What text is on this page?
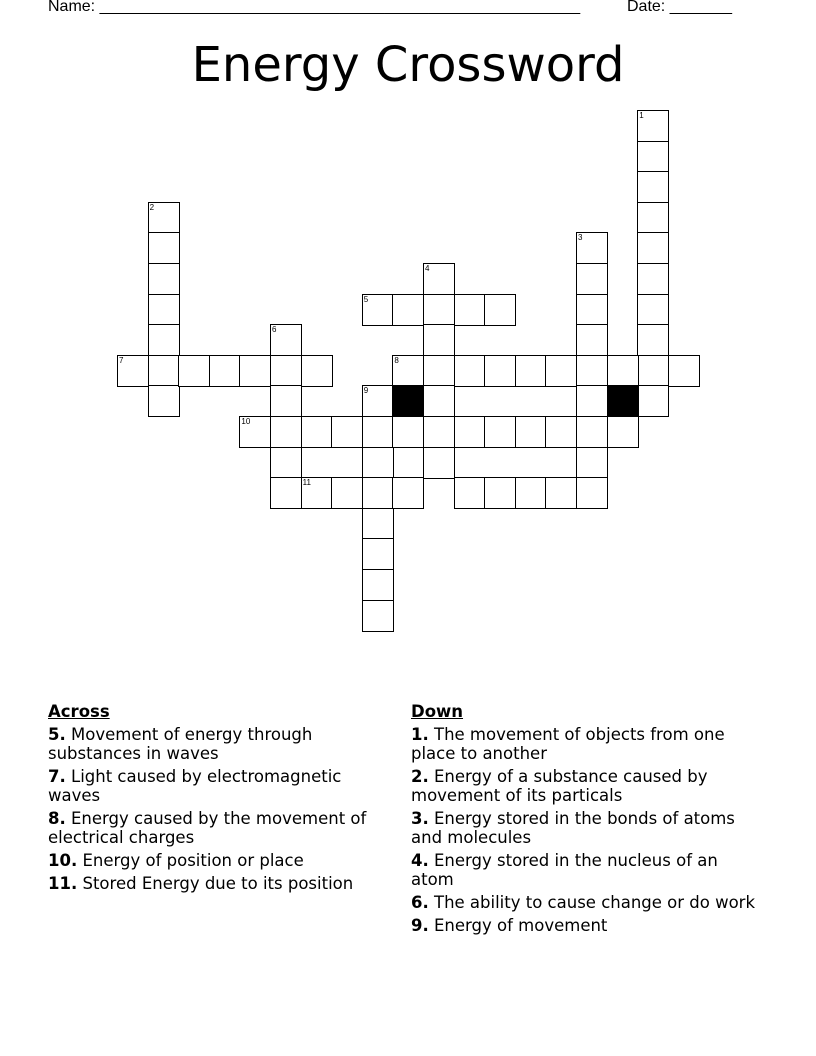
Name: ______________________________________________________	Date: _______
Energy Crossword
1
2
3
4
5
6
7	8
9
10
11
Across
5. Movement of energy through substances in waves
7. Light caused by electromagnetic waves
8. Energy caused by the movement of electrical charges
10. Energy of position or place
11. Stored Energy due to its position
Down
1. The movement of objects from one place to another
2. Energy of a substance caused by movement of its particals
3. Energy stored in the bonds of atoms and molecules
4. Energy stored in the nucleus of an atom
6. The ability to cause change or do work
9. Energy of movement
